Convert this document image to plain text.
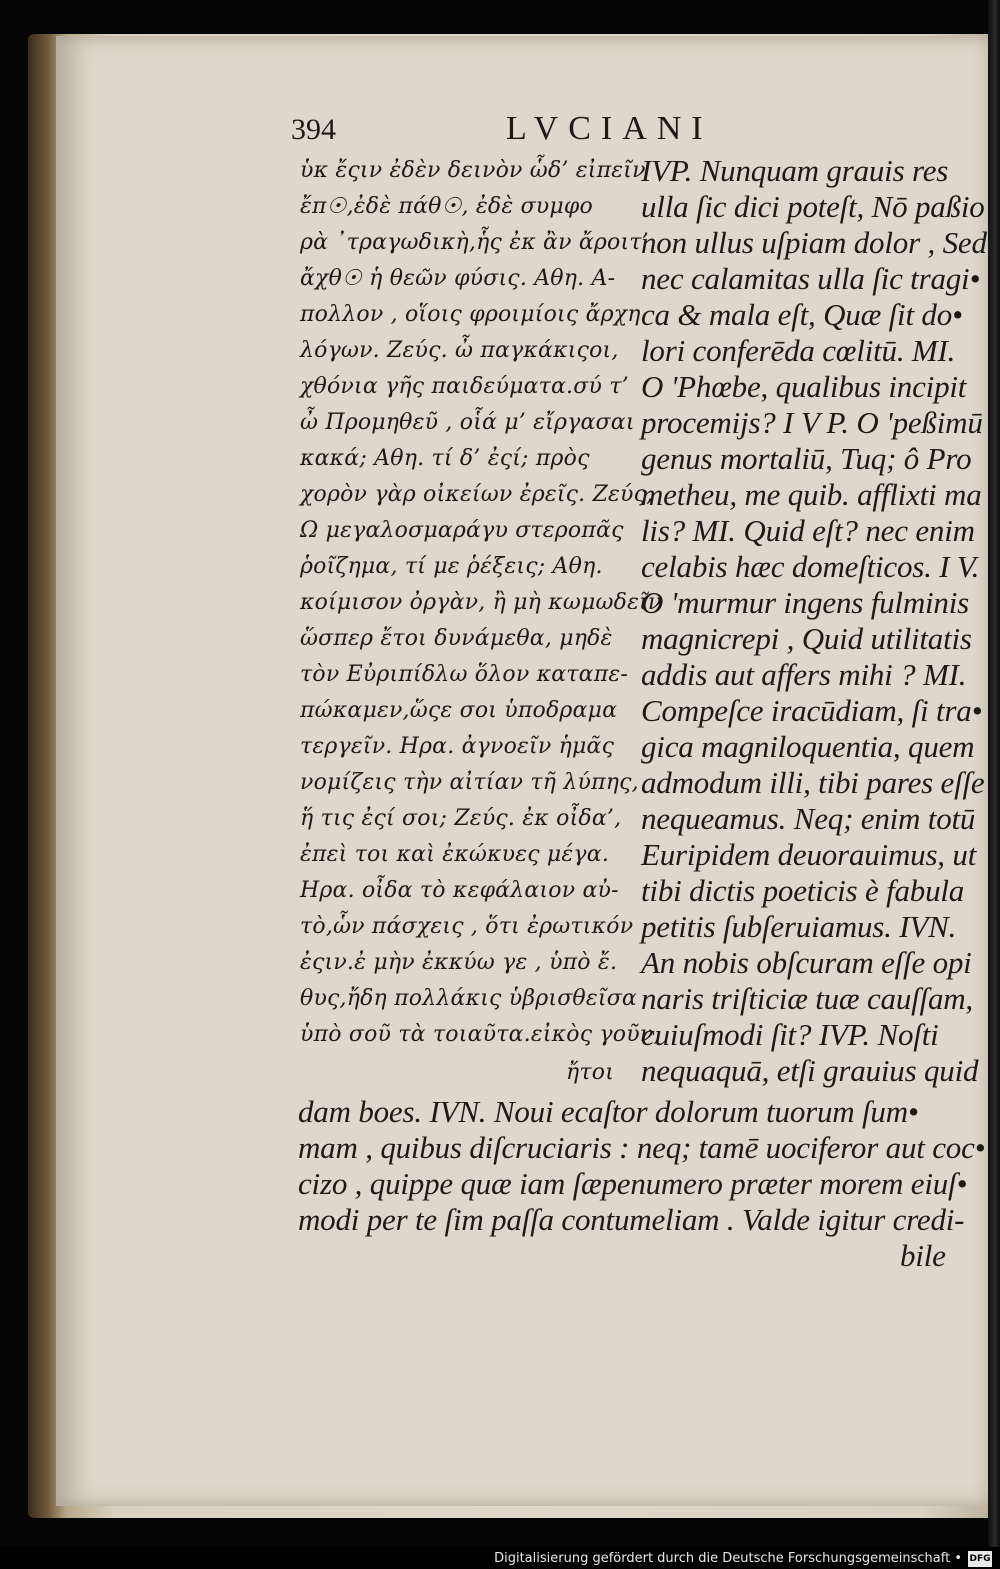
394	LVCIANI
ὑκ ἔςιν ἐδὲν δεινὸν ὧδ’ εἰπεῖν
ἔπ☉,ἐδὲ πάθ☉, ἐδὲ συμφο
ρὰ ᾿τραγωδικὴ,ἧς ἐκ ἂν ἄροιτ’
ἄχθ☉ ἡ θεῶν φύσις. Αθη. Α-
πολλον , οἵοις φροιμίοις ἄρχη
λόγων. Ζεύς. ὦ παγκάκιςοι,
χθόνια γῆς παιδεύματα.σύ τ’
ὦ Προμηθεῦ , οἷά μ’ εἴργασαι
κακά; Αθη. τί δ’ ἐςί; πρὸς
χορὸν γὰρ οἰκείων ἐρεῖς. Ζεύς,
Ω μεγαλοσμαράγυ στεροπᾶς
ῥοῖζημα, τί με ῥέξεις; Αθη.
κοίμισον ὀργὰν, ἢ μὴ κωμωδεῖν
ὥσπερ ἔτοι δυνάμεθα, μηδὲ
τὸν Εὐριπίδλω ὅλον καταπε-
πώκαμεν,ὥςε σοι ὑποδραμα
τεργεῖν. Ηρα. ἀγνοεῖν ἡμᾶς
νομίζεις τὴν αἰτίαν τῆ λύπης,
ἥ τις ἐςί σοι; Ζεύς. ἐκ οἶδα’,
ἐπεὶ τοι καὶ ἐκώκυες μέγα.
Ηρα. οἶδα τὸ κεφάλαιον αὐ-
τὸ,ὧν πάσχεις , ὅτι ἐρωτικόν
ἐςιν.ἐ μὴν ἐκκύω γε , ὑπὸ ἔ.
θυς,ἤδη πολλάκις ὑβρισθεῖσα
ὑπὸ σοῦ τὰ τοιαῦτα.εἰκὸς γοῦν,
ἤτοι
IVP. Nunquam grauis res
ulla ſic dici poteſt, Nō paßio
non ullus uſpiam dolor , Sed
nec calamitas ulla ſic tragi•
ca & mala eſt, Quæ ſit do•
lori conferēda cœlitū. MI.
O 'Phœbe, qualibus incipit
procemijs? I V P. O 'peßimū
genus mortaliū, Tuq; ô Pro
metheu, me quib. afflixti ma
lis? MI. Quid eſt? nec enim
celabis hæc domeſticos. I V.
O 'murmur ingens fulminis
magnicrepi , Quid utilitatis
addis aut affers mihi ? MI.
Compeſce iracūdiam, ſi tra•
gica magniloquentia, quem
admodum illi, tibi pares eſſe
nequeamus. Neq; enim totū
Euripidem deuorauimus, ut
tibi dictis poeticis è fabula
petitis ſubſeruiamus. IVN.
An nobis obſcuram eſſe opi
naris triſticiæ tuæ cauſſam,
cuiuſmodi ſit? IVP. Noſti
nequaquā, etſi grauius quid
dam boes. IVN. Noui ecaſtor dolorum tuorum ſum•
mam , quibus diſcruciaris : neq; tamē uociferor aut coc•
cizo , quippe quæ iam ſæpenumero præter morem eiuſ•
modi per te ſim paſſa contumeliam . Valde igitur credi-
bile
Digitalisierung gefördert durch die Deutsche Forschungsgemeinschaft • DFG
